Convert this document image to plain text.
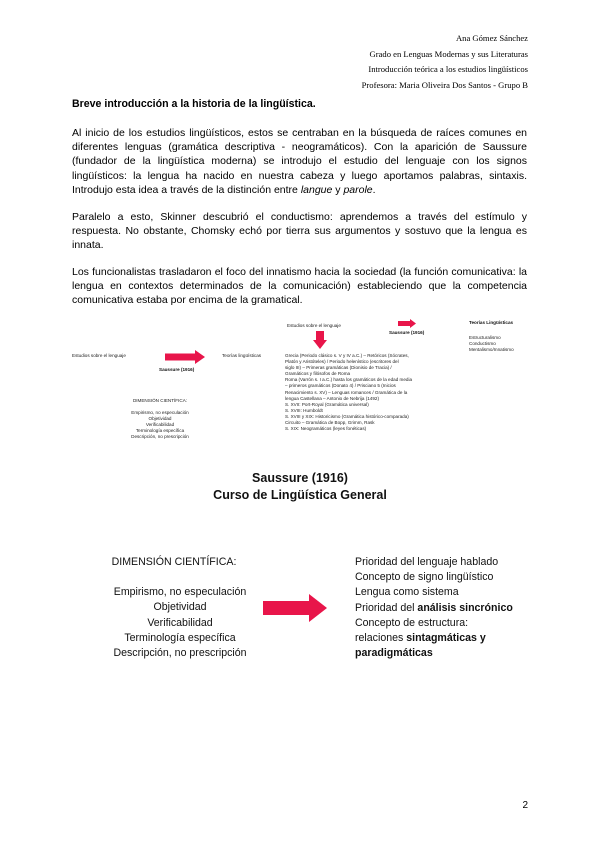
Ana Gómez Sánchez
Grado en Lenguas Modernas y sus Literaturas
Introducción teórica a los estudios lingüísticos
Profesora: Maria Oliveira Dos Santos - Grupo B
Breve introducción a la historia de la lingüística.
Al inicio de los estudios lingüísticos, estos se centraban en la búsqueda de raíces comunes en diferentes lenguas (gramática descriptiva - neogramáticos). Con la aparición de Saussure (fundador de la lingüística moderna) se introdujo el estudio del lenguaje con los signos lingüísticos: la lengua ha nacido en nuestra cabeza y luego aportamos palabras, sintaxis. Introdujo esta idea a través de la distinción entre langue y parole.
Paralelo a esto, Skinner descubrió el conductismo: aprendemos a través del estímulo y respuesta. No obstante, Chomsky echó por tierra sus argumentos y sostuvo que la lengua es innata.
Los funcionalistas trasladaron el foco del innatismo hacia la sociedad (la función comunicativa: la lengua en contextos determinados de la comunicación) estableciendo que la competencia comunicativa estaba por encima de la gramatical.
Estudios sobre el lenguaje
Saussure (1916)
Teorías Lingüísticas
Estructuralismo
Conductismo
Mentalismo/Innatismo
Estudios sobre el lenguaje	Teorías lingüísticas
Saussure (1916)
DIMENSIÓN CIENTÍFICA:
Empirismo, no especulación
Objetividad
Verificabilidad
Terminología específica
Descripción, no prescripción
Grecia (Periodo clásico s. V y IV a.C.) – Retóricos (Sócrates,
Platón y Aristóteles) / Periodo helenístico (escritores del
siglo III) – Primeras gramáticas (Dionisio de Tracia) /
Gramáticos y filósofos de Roma
Roma (Varrón s. I a.C.) hasta los gramáticos de la edad media
– primeros gramáticos (Donato 4) / Prisciano 5 (Inicios
Renacimiento s. XV) – Lenguas romances / Gramática de la
lengua Castellana – Antonio de Nebrija (1492)
S. XVII: Port-Royal (Gramática universal)
S. XVIII: Humboldt
S. XVIII y XIX: Historicismo (Gramática histórico-comparada)
Circuito – Gramática de Bopp, Grimm, Rask
S. XIX: Neogramáticos (leyes fonéticas)
Saussure (1916)
Curso de Lingüística General
DIMENSIÓN CIENTÍFICA:
Empirismo, no especulación
Objetividad
Verificabilidad
Terminología específica
Descripción, no prescripción
Prioridad del lenguaje hablado
Concepto de signo lingüístico
Lengua como sistema
Prioridad del análisis sincrónico
Concepto de estructura:
relaciones sintagmáticas y
paradigmáticas
2
